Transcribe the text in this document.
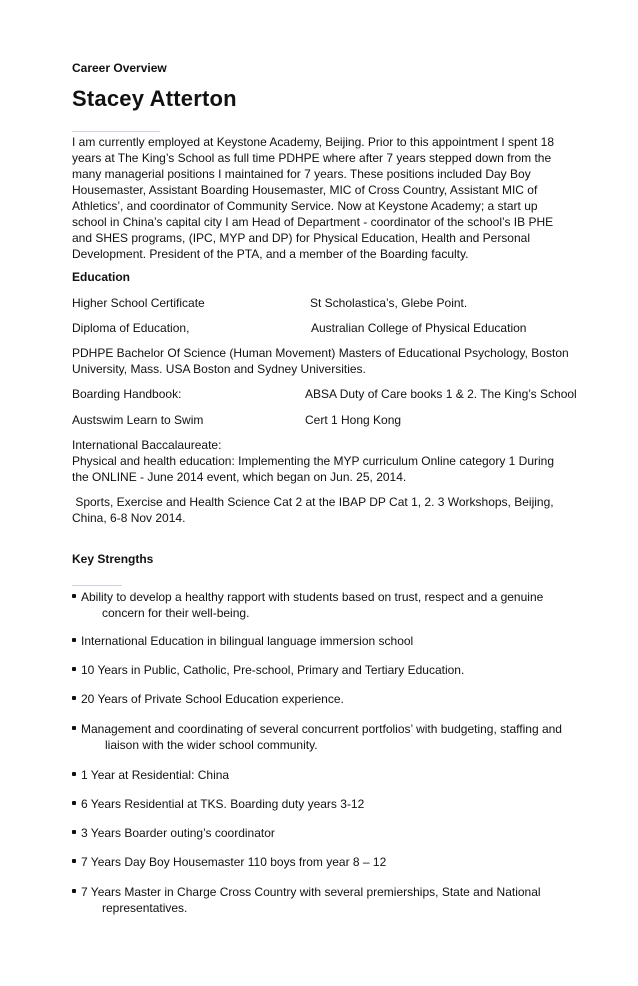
Career Overview
Stacey Atterton
I am currently employed at Keystone Academy, Beijing. Prior to this appointment I spent 18
years at The King’s School as full time PDHPE where after 7 years stepped down from the
many managerial positions I maintained for 7 years. These positions included Day Boy
Housemaster, Assistant Boarding Housemaster, MIC of Cross Country, Assistant MIC of
Athletics’, and coordinator of Community Service. Now at Keystone Academy; a start up
school in China’s capital city I am Head of Department - coordinator of the school’s IB PHE
and SHES programs, (IPC, MYP and DP) for Physical Education, Health and Personal
Development. President of the PTA, and a member of the Boarding faculty.
Education
Higher School Certificate	St Scholastica’s, Glebe Point.
Diploma of Education,	Australian College of Physical Education
PDHPE Bachelor Of Science (Human Movement) Masters of Educational Psychology, Boston
University, Mass. USA Boston and Sydney Universities.
Boarding Handbook:	ABSA Duty of Care books 1 & 2. The King’s School
Austswim Learn to Swim	Cert 1 Hong Kong
International Baccalaureate:
Physical and health education: Implementing the MYP curriculum Online category 1 During
the ONLINE - June 2014 event, which began on Jun. 25, 2014.
Sports, Exercise and Health Science Cat 2 at the IBAP DP Cat 1, 2. 3 Workshops, Beijing,
China, 6-8 Nov 2014.
Key Strengths
Ability to develop a healthy rapport with students based on trust, respect and a genuine
concern for their well-being.
International Education in bilingual language immersion school
10 Years in Public, Catholic, Pre-school, Primary and Tertiary Education.
20 Years of Private School Education experience.
Management and coordinating of several concurrent portfolios’ with budgeting, staffing and
liaison with the wider school community.
1 Year at Residential: China
6 Years Residential at TKS. Boarding duty years 3-12
3 Years Boarder outing’s coordinator
7 Years Day Boy Housemaster 110 boys from year 8 – 12
7 Years Master in Charge Cross Country with several premierships, State and National
representatives.
